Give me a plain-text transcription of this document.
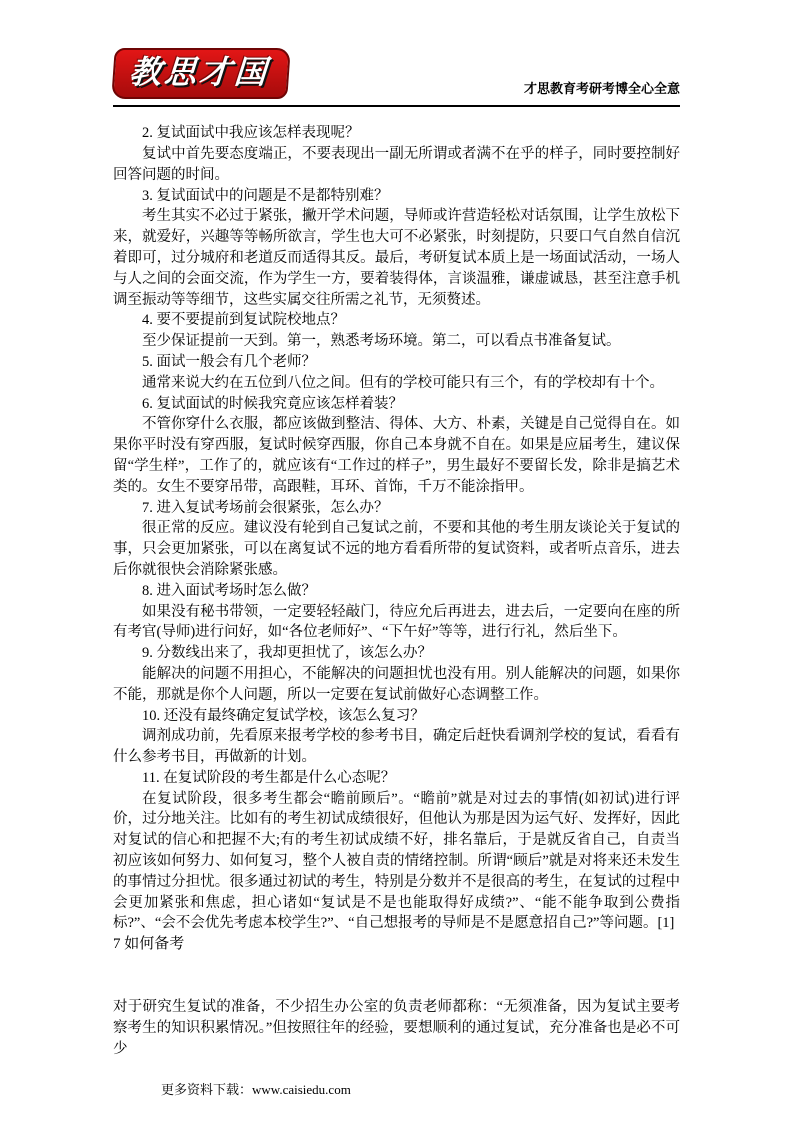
教思才国	才思教育考研考博全心全意

2. 复试面试中我应该怎样表现呢？

复试中首先要态度端正，不要表现出一副无所谓或者满不在乎的样子，同时要控制好回答问题的时间。

3. 复试面试中的问题是不是都特别难？

考生其实不必过于紧张，撇开学术问题，导师或许营造轻松对话氛围，让学生放松下来，就爱好，兴趣等等畅所欲言，学生也大可不必紧张，时刻提防，只要口气自然自信沉着即可，过分城府和老道反而适得其反。最后，考研复试本质上是一场面试活动，一场人与人之间的会面交流，作为学生一方，要着装得体，言谈温雅，谦虚诚恳，甚至注意手机调至振动等等细节，这些实属交往所需之礼节，无须赘述。

4. 要不要提前到复试院校地点？

至少保证提前一天到。第一，熟悉考场环境。第二，可以看点书准备复试。

5. 面试一般会有几个老师？

通常来说大约在五位到八位之间。但有的学校可能只有三个，有的学校却有十个。

6. 复试面试的时候我究竟应该怎样着装？

不管你穿什么衣服，都应该做到整洁、得体、大方、朴素，关键是自己觉得自在。如果你平时没有穿西服，复试时候穿西服，你自己本身就不自在。如果是应届考生，建议保留“学生样”，工作了的，就应该有“工作过的样子”，男生最好不要留长发，除非是搞艺术类的。女生不要穿吊带，高跟鞋，耳环、首饰，千万不能涂指甲。

7. 进入复试考场前会很紧张，怎么办？

很正常的反应。建议没有轮到自己复试之前，不要和其他的考生朋友谈论关于复试的事，只会更加紧张，可以在离复试不远的地方看看所带的复试资料，或者听点音乐，进去后你就很快会消除紧张感。

8. 进入面试考场时怎么做？

如果没有秘书带领，一定要轻轻敲门，待应允后再进去，进去后，一定要向在座的所有考官(导师)进行问好，如“各位老师好”、“下午好”等等，进行行礼，然后坐下。

9. 分数线出来了，我却更担忧了，该怎么办？

能解决的问题不用担心，不能解决的问题担忧也没有用。别人能解决的问题，如果你不能，那就是你个人问题，所以一定要在复试前做好心态调整工作。

10. 还没有最终确定复试学校，该怎么复习？

调剂成功前，先看原来报考学校的参考书目，确定后赶快看调剂学校的复试，看看有什么参考书目，再做新的计划。

11. 在复试阶段的考生都是什么心态呢？

在复试阶段，很多考生都会“瞻前顾后”。“瞻前”就是对过去的事情(如初试)进行评价，过分地关注。比如有的考生初试成绩很好，但他认为那是因为运气好、发挥好，因此对复试的信心和把握不大;有的考生初试成绩不好，排名靠后，于是就反省自己，自责当初应该如何努力、如何复习，整个人被自责的情绪控制。所谓“顾后”就是对将来还未发生的事情过分担忧。很多通过初试的考生，特别是分数并不是很高的考生，在复试的过程中会更加紧张和焦虑，担心诸如“复试是不是也能取得好成绩?”、“能不能争取到公费指标?”、“会不会优先考虑本校学生?”、“自己想报考的导师是不是愿意招自己?”等问题。[1]

7 如何备考

对于研究生复试的准备，不少招生办公室的负责老师都称：“无须准备，因为复试主要考察考生的知识积累情况。”但按照往年的经验，要想顺利的通过复试，充分准备也是必不可少

更多资料下载：www.caisiedu.com
